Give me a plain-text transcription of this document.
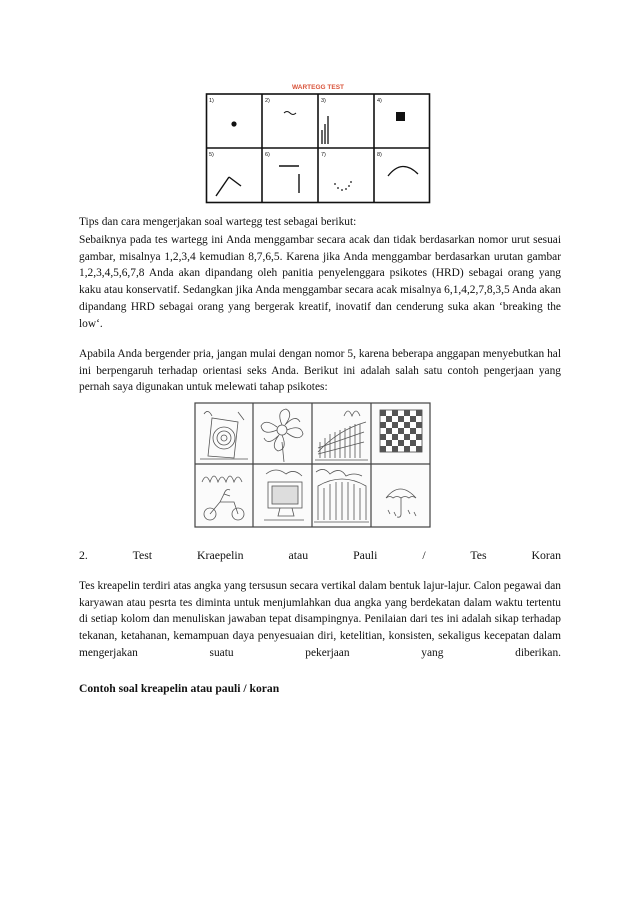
WARTEGG TEST
1)	2)	3)	4)
5)	6)	7)	8)

Tips dan cara mengerjakan soal wartegg test sebagai berikut:

Sebaiknya pada tes wartegg ini Anda menggambar secara acak dan tidak berdasarkan nomor urut sesuai gambar, misalnya 1,2,3,4 kemudian 8,7,6,5. Karena jika Anda menggambar berdasarkan urutan gambar 1,2,3,4,5,6,7,8 Anda akan dipandang oleh panitia penyelenggara psikotes (HRD) sebagai orang yang kaku atau konservatif. Sedangkan jika Anda menggambar secara acak misalnya 6,1,4,2,7,8,3,5 Anda akan dipandang HRD sebagai orang yang bergerak kreatif, inovatif dan cenderung suka akan ‘breaking the low‘.

Apabila Anda bergender pria, jangan mulai dengan nomor 5, karena beberapa anggapan menyebutkan hal ini berpengaruh terhadap orientasi seks Anda. Berikut ini adalah salah satu contoh pengerjaan yang pernah saya digunakan untuk melewati tahap psikotes:

2. Test Kraepelin atau Pauli / Tes Koran

Tes kreapelin terdiri atas angka yang tersusun secara vertikal dalam bentuk lajur-lajur. Calon pegawai dan karyawan atau pesrta tes diminta untuk menjumlahkan dua angka yang berdekatan dalam waktu tertentu di setiap kolom dan menuliskan jawaban tepat disampingnya. Penilaian dari tes ini adalah sikap terhadap tekanan, ketahanan, kemampuan daya penyesuaian diri, ketelitian, konsisten, sekaligus kecepatan dalam mengerjakan suatu pekerjaan yang diberikan.

Contoh soal kreapelin atau pauli / koran
